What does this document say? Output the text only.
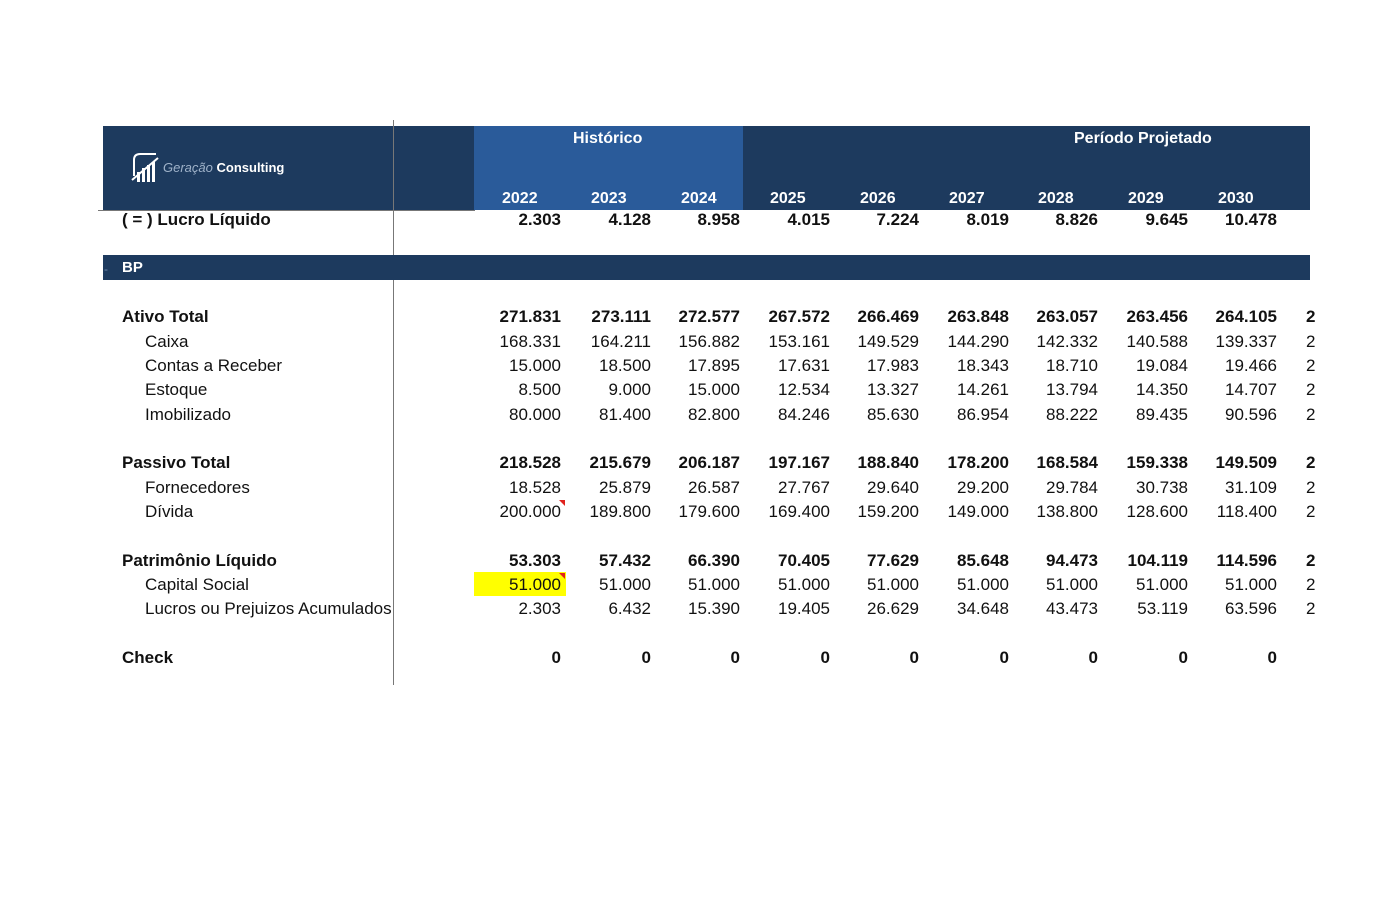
Geração Consulting
Histórico	Período Projetado
2022	2023	2024	2025	2026	2027	2028	2029	2030
( = ) Lucro Líquido	2.303	4.128	8.958	4.015	7.224	8.019	8.826	9.645	10.478
- BP
Ativo Total	271.831	273.111	272.577	267.572	266.469	263.848	263.057	263.456	264.105 2
Caixa	168.331	164.211	156.882	153.161	149.529	144.290	142.332	140.588	139.337 2
Contas a Receber	15.000	18.500	17.895	17.631	17.983	18.343	18.710	19.084	19.466 2
Estoque	8.500	9.000	15.000	12.534	13.327	14.261	13.794	14.350	14.707 2
Imobilizado	80.000	81.400	82.800	84.246	85.630	86.954	88.222	89.435	90.596 2
Passivo Total	218.528	215.679	206.187	197.167	188.840	178.200	168.584	159.338	149.509 2
Fornecedores	18.528	25.879	26.587	27.767	29.640	29.200	29.784	30.738	31.109 2
Dívida	200.000	189.800	179.600	169.400	159.200	149.000	138.800	128.600	118.400 2
Patrimônio Líquido	53.303	57.432	66.390	70.405	77.629	85.648	94.473	104.119	114.596 2
Capital Social	51.000	51.000	51.000	51.000	51.000	51.000	51.000	51.000	51.000 2
Lucros ou Prejuizos Acumulados	2.303	6.432	15.390	19.405	26.629	34.648	43.473	53.119	63.596 2
Check	0	0	0	0	0	0	0	0	0
